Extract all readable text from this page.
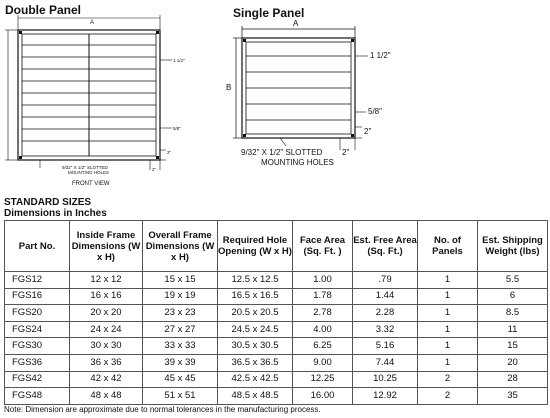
Double Panel
A
1 1/2"
5/8"
2"
2"
9/32" X 1/2" SLOTTED
MOUNTING HOLES
FRONT VIEW
Single Panel
A
B
1 1/2"
5/8"
2"
2"
9/32" X 1/2" SLOTTED
MOUNTING HOLES
STANDARD SIZES
Dimensions in Inches
Part No.	Inside Frame Dimensions (W x H)	Overall Frame Dimensions (W x H)	Required Hole Opening (W x H)	Face Area (Sq. Ft. )	Est. Free Area (Sq. Ft.)	No. of Panels	Est. Shipping Weight (lbs)
FGS12	12 x 12	15 x 15	12.5 x 12.5	1.00	.79	1	5.5
FGS16	16 x 16	19 x 19	16.5 x 16.5	1.78	1.44	1	6
FGS20	20 x 20	23 x 23	20.5 x 20.5	2.78	2.28	1	8.5
FGS24	24 x 24	27 x 27	24.5 x 24.5	4.00	3.32	1	11
FGS30	30 x 30	33 x 33	30.5 x 30.5	6.25	5.16	1	15
FGS36	36 x 36	39 x 39	36.5 x 36.5	9.00	7.44	1	20
FGS42	42 x 42	45 x 45	42.5 x 42.5	12.25	10.25	2	28
FGS48	48 x 48	51 x 51	48.5 x 48.5	16.00	12.92	2	35
Note: Dimension are approximate due to normal tolerances in the manufacturing process.
